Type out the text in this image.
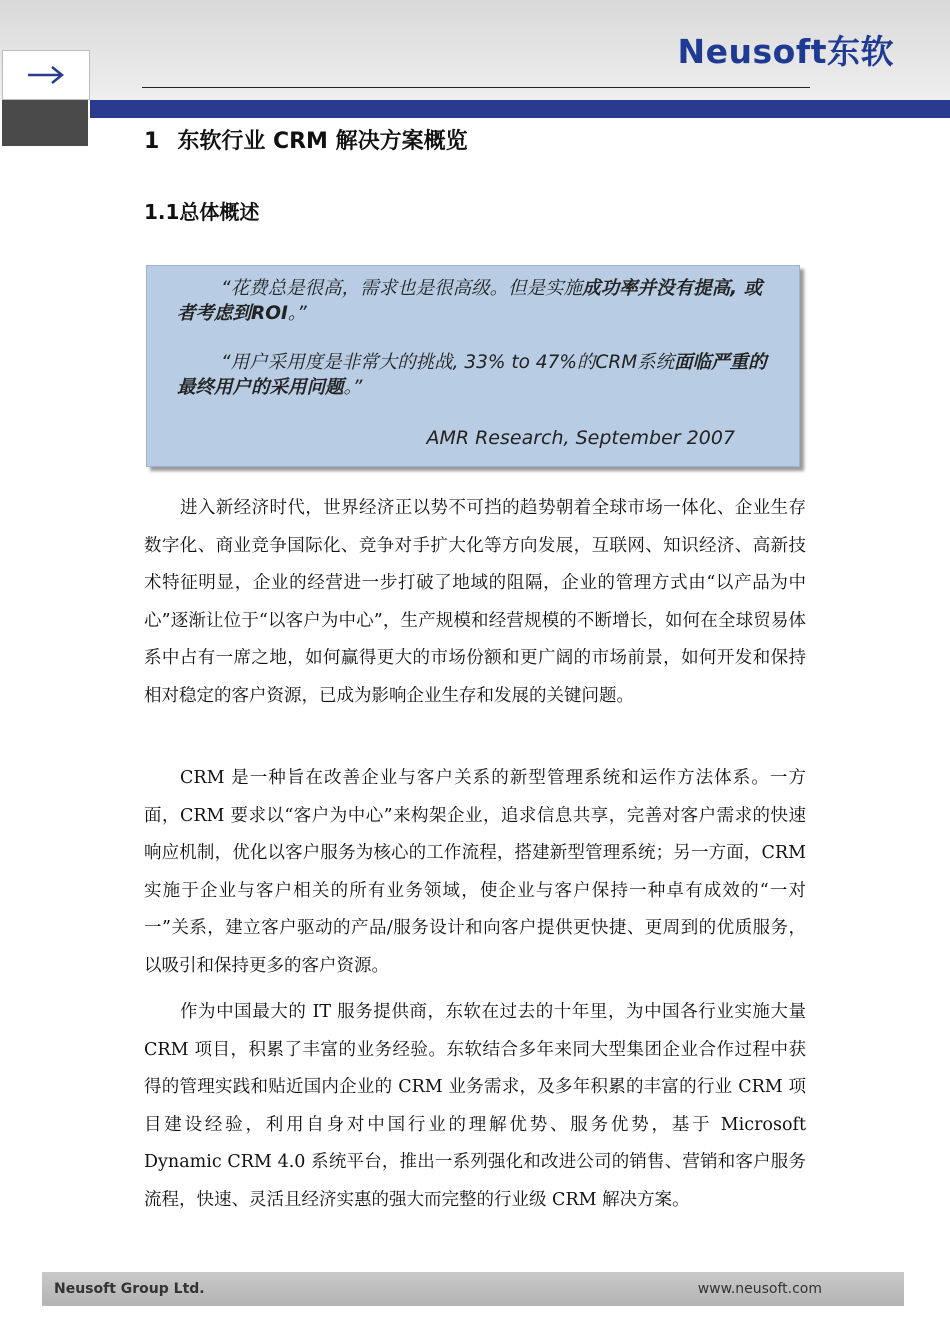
Neusoft东软
1 东软行业 CRM 解决方案概览
1.1总体概述
“花费总是很高，需求也是很高级。但是实施成功率并没有提高, 或者考虑到ROI。”
“用户采用度是非常大的挑战, 33% to 47%的CRM系统面临严重的最终用户的采用问题。”
AMR Research, September 2007
进入新经济时代，世界经济正以势不可挡的趋势朝着全球市场一体化、企业生存数字化、商业竞争国际化、竞争对手扩大化等方向发展，互联网、知识经济、高新技术特征明显，企业的经营进一步打破了地域的阻隔，企业的管理方式由“以产品为中心”逐渐让位于“以客户为中心”，生产规模和经营规模的不断增长，如何在全球贸易体系中占有一席之地，如何赢得更大的市场份额和更广阔的市场前景，如何开发和保持相对稳定的客户资源，已成为影响企业生存和发展的关键问题。
CRM 是一种旨在改善企业与客户关系的新型管理系统和运作方法体系。一方面，CRM 要求以“客户为中心”来构架企业，追求信息共享，完善对客户需求的快速响应机制，优化以客户服务为核心的工作流程，搭建新型管理系统；另一方面，CRM 实施于企业与客户相关的所有业务领域，使企业与客户保持一种卓有成效的“一对一”关系，建立客户驱动的产品/服务设计和向客户提供更快捷、更周到的优质服务，以吸引和保持更多的客户资源。
作为中国最大的 IT 服务提供商，东软在过去的十年里，为中国各行业实施大量 CRM 项目，积累了丰富的业务经验。东软结合多年来同大型集团企业合作过程中获得的管理实践和贴近国内企业的 CRM 业务需求，及多年积累的丰富的行业 CRM 项目建设经验，利用自身对中国行业的理解优势、服务优势，基于 Microsoft Dynamic CRM 4.0 系统平台，推出一系列强化和改进公司的销售、营销和客户服务流程，快速、灵活且经济实惠的强大而完整的行业级 CRM 解决方案。
Neusoft Group Ltd.	www.neusoft.com
